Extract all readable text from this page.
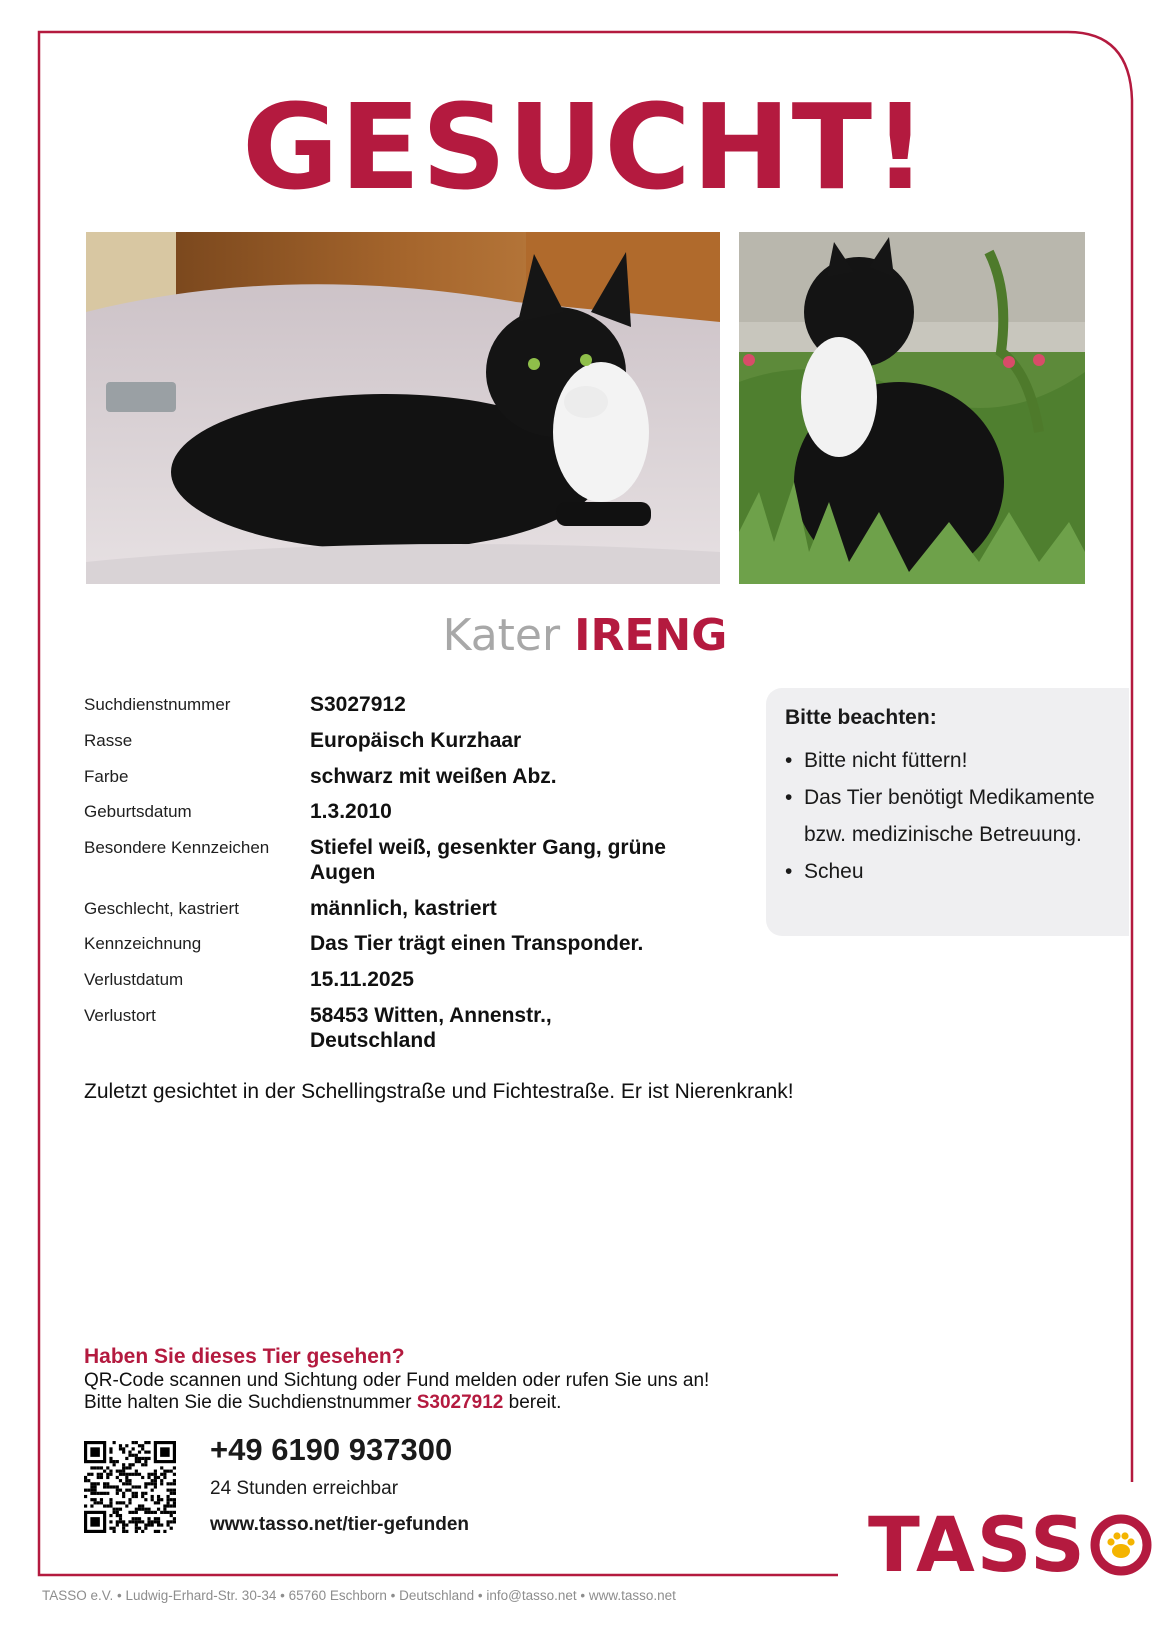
GESUCHT!
Kater IRENG
Suchdienstnummer	S3027912
Rasse	Europäisch Kurzhaar
Farbe	schwarz mit weißen Abz.
Geburtsdatum	1.3.2010
Besondere Kennzeichen	Stiefel weiß, gesenkter Gang, grüne Augen
Geschlecht, kastriert	männlich, kastriert
Kennzeichnung	Das Tier trägt einen Transponder.
Verlustdatum	15.11.2025
Verlustort	58453 Witten, Annenstr., Deutschland
Bitte beachten:
• Bitte nicht füttern!
• Das Tier benötigt Medikamente bzw. medizinische Betreuung.
• Scheu
Zuletzt gesichtet in der Schellingstraße und Fichtestraße. Er ist Nierenkrank!
Haben Sie dieses Tier gesehen?
QR-Code scannen und Sichtung oder Fund melden oder rufen Sie uns an!
Bitte halten Sie die Suchdienstnummer S3027912 bereit.
+49 6190 937300
24 Stunden erreichbar
www.tasso.net/tier-gefunden	TASS
TASSO e.V. • Ludwig-Erhard-Str. 30-34 • 65760 Eschborn • Deutschland • info@tasso.net • www.tasso.net
